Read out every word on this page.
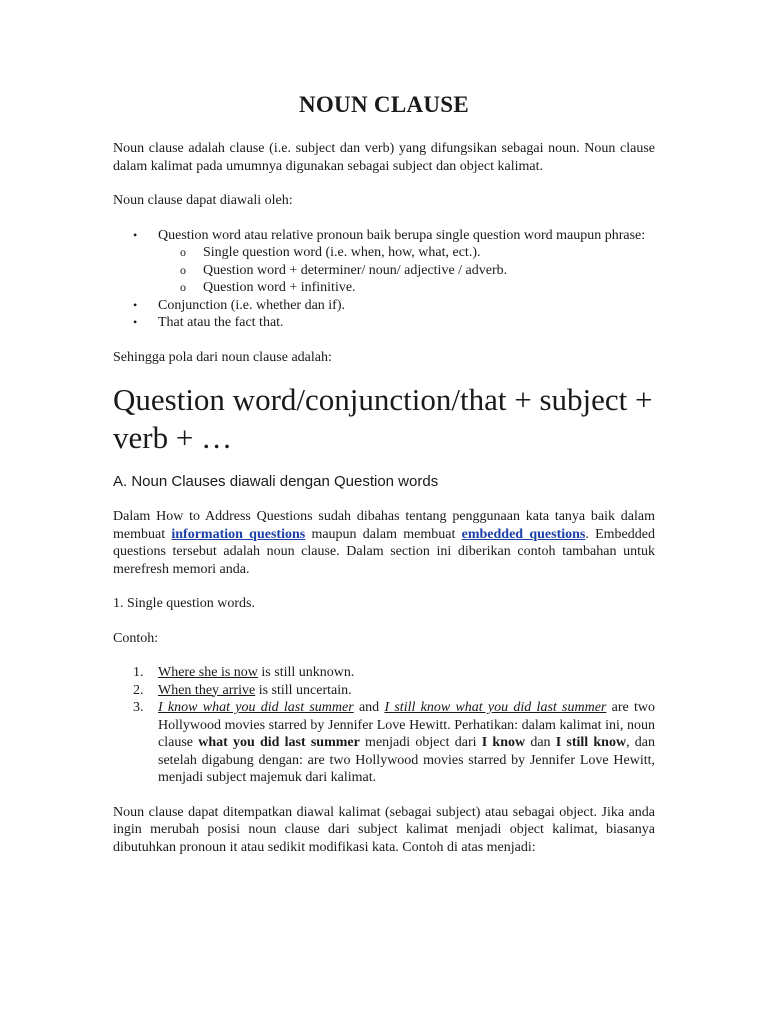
NOUN CLAUSE

Noun clause adalah clause (i.e. subject dan verb) yang difungsikan sebagai noun. Noun clause dalam kalimat pada umumnya digunakan sebagai subject dan object kalimat.

Noun clause dapat diawali oleh:

• Question word atau relative pronoun baik berupa single question word maupun phrase:
o Single question word (i.e. when, how, what, ect.).
o Question word + determiner/ noun/ adjective / adverb.
o Question word + infinitive.
• Conjunction (i.e. whether dan if).
• That atau the fact that.

Sehingga pola dari noun clause adalah:

Question word/conjunction/that + subject + verb + …

A. Noun Clauses diawali dengan Question words

Dalam How to Address Questions sudah dibahas tentang penggunaan kata tanya baik dalam membuat information questions maupun dalam membuat embedded questions. Embedded questions tersebut adalah noun clause. Dalam section ini diberikan contoh tambahan untuk merefresh memori anda.

1. Single question words.

Contoh:

1. Where she is now is still unknown.
2. When they arrive is still uncertain.
3. I know what you did last summer and I still know what you did last summer are two Hollywood movies starred by Jennifer Love Hewitt. Perhatikan: dalam kalimat ini, noun clause what you did last summer menjadi object dari I know dan I still know, dan setelah digabung dengan: are two Hollywood movies starred by Jennifer Love Hewitt, menjadi subject majemuk dari kalimat.

Noun clause dapat ditempatkan diawal kalimat (sebagai subject) atau sebagai object. Jika anda ingin merubah posisi noun clause dari subject kalimat menjadi object kalimat, biasanya dibutuhkan pronoun it atau sedikit modifikasi kata. Contoh di atas menjadi:
